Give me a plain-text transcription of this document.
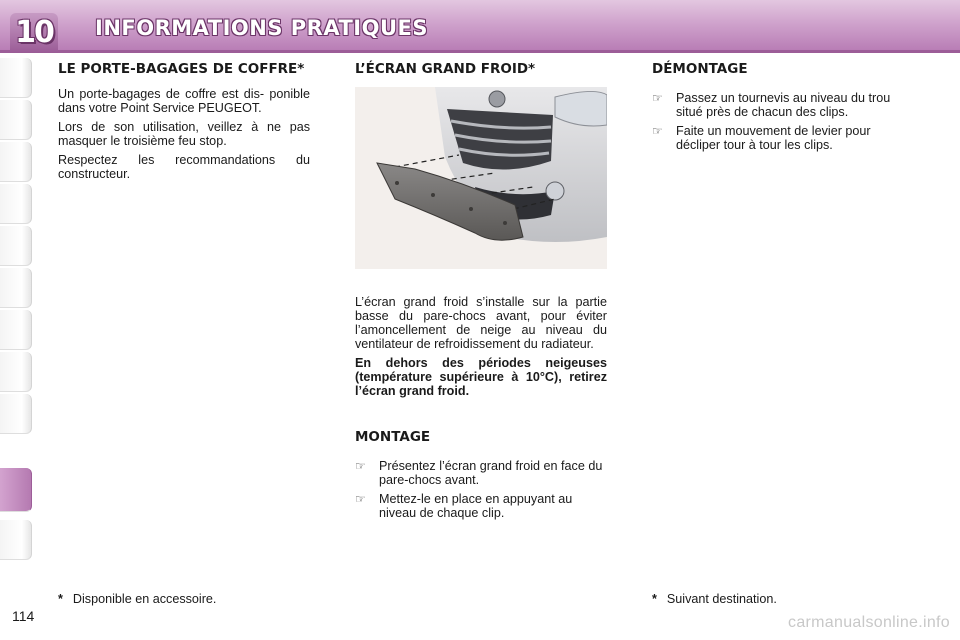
10 INFORMATIONS PRATIQUES
LE PORTE-BAGAGES DE COFFRE*

Un porte-bagages de coffre est dis- ponible dans votre Point Service PEUGEOT.

Lors de son utilisation, veillez à ne pas masquer le troisième feu stop.

Respectez les recommandations du constructeur.

L’ÉCRAN GRAND FROID*

L’écran grand froid s’installe sur la partie basse du pare-chocs avant, pour éviter l’amoncellement de neige au niveau du ventilateur de refroidissement du radiateur.

En dehors des périodes neigeuses (température supérieure à 10°C), retirez l’écran grand froid.

MONTAGE
☞ Présentez l’écran grand froid en face du pare-chocs avant.
☞ Mettez-le en place en appuyant au niveau de chaque clip.
DÉMONTAGE
☞ Passez un tournevis au niveau du trou situé près de chacun des clips.
☞ Faite un mouvement de levier pour décliper tour à tour les clips.
* Disponible en accessoire.	* Suivant destination.
114	carmanualsonline.info
